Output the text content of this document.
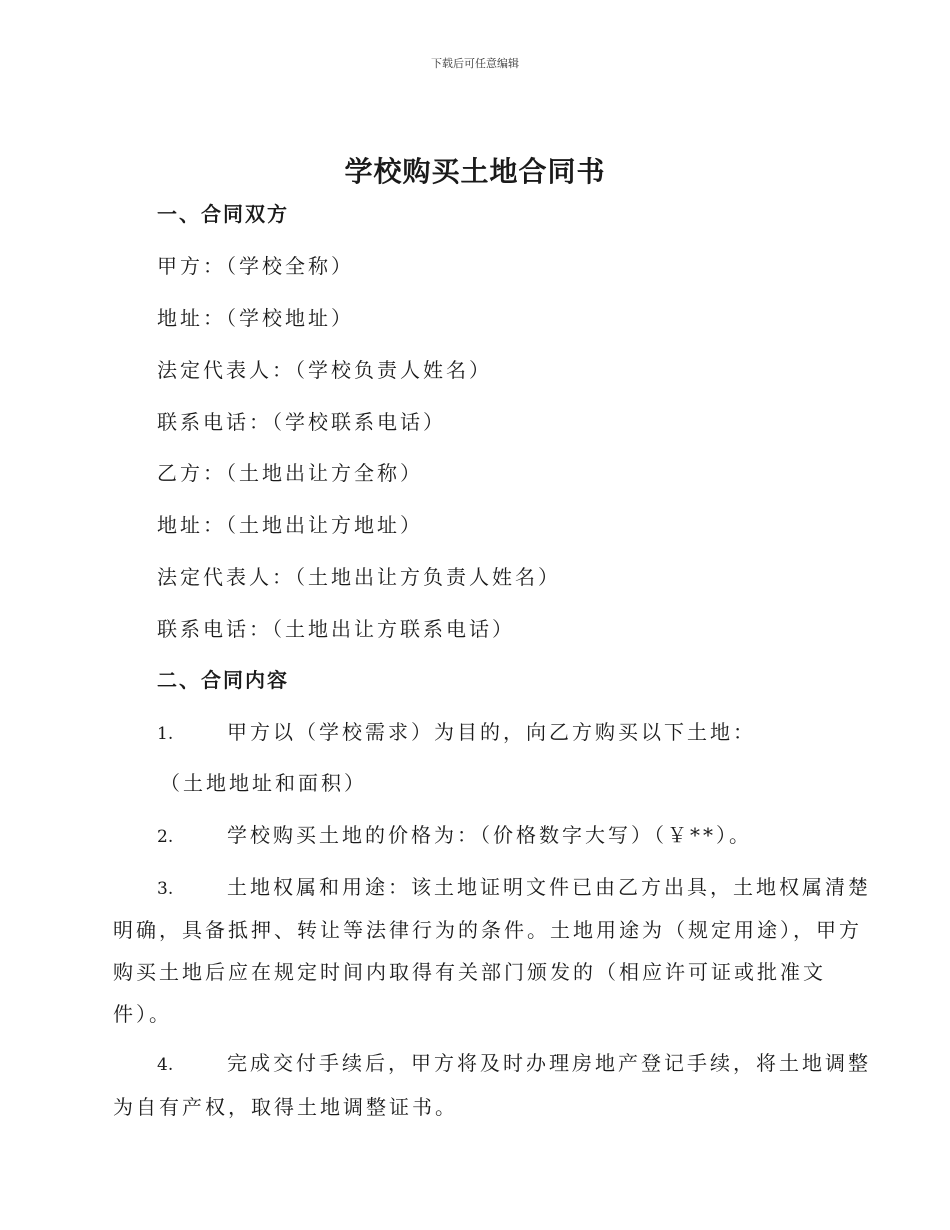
下载后可任意编辑
学校购买土地合同书
一、合同双方
甲方：（学校全称）
地址：（学校地址）
法定代表人：（学校负责人姓名）
联系电话：（学校联系电话）
乙方：（土地出让方全称）
地址：（土地出让方地址）
法定代表人：（土地出让方负责人姓名）
联系电话：（土地出让方联系电话）
二、合同内容
1.	甲方以（学校需求）为目的，向乙方购买以下土地：
（土地地址和面积）
2.	学校购买土地的价格为：（价格数字大写）（￥**）。
3.	土地权属和用途：该土地证明文件已由乙方出具，土地权属清楚
明确，具备抵押、转让等法律行为的条件。土地用途为（规定用途），甲方
购买土地后应在规定时间内取得有关部门颁发的（相应许可证或批准文
件）。
4.	完成交付手续后，甲方将及时办理房地产登记手续，将土地调整
为自有产权，取得土地调整证书。
